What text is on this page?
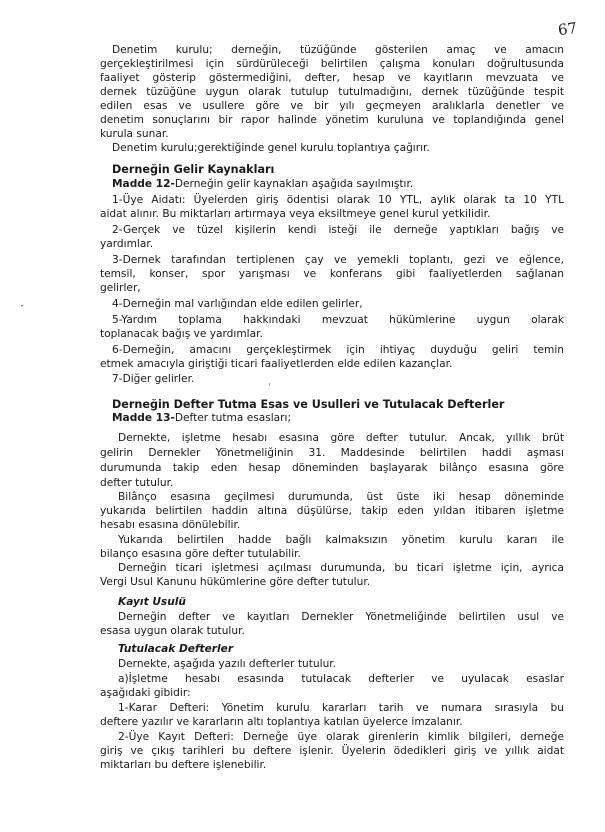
67
Denetim kurulu; derneğin, tüzüğünde gösterilen amaç ve amacın
gerçekleştirilmesi için sürdürüleceği belirtilen çalışma konuları doğrultusunda
faaliyet gösterip göstermediğini, defter, hesap ve kayıtların mevzuata ve
dernek tüzüğüne uygun olarak tutulup tutulmadığını, dernek tüzüğünde tespit
edilen esas ve usullere göre ve bir yılı geçmeyen aralıklarla denetler ve
denetim sonuçlarını bir rapor halinde yönetim kuruluna ve toplandığında genel
kurula sunar.
Denetim kurulu;gerektiğinde genel kurulu toplantıya çağırır.
Derneğin Gelir Kaynakları
Madde 12-Derneğin gelir kaynakları aşağıda sayılmıştır.
1-Üye Aidatı: Üyelerden giriş ödentisi olarak 10 YTL, aylık olarak ta 10 YTL
aidat alınır. Bu miktarları artırmaya veya eksiltmeye genel kurul yetkilidir.
2-Gerçek ve tüzel kişilerin kendi isteği ile derneğe yaptıkları bağış ve
yardımlar.
3-Dernek tarafından tertiplenen çay ve yemekli toplantı, gezi ve eğlence,
temsil, konser, spor yarışması ve konferans gibi faaliyetlerden sağlanan
gelirler,
4-Derneğin mal varlığından elde edilen gelirler,
5-Yardım toplama hakkındaki mevzuat hükümlerine uygun olarak
toplanacak bağış ve yardımlar.
6-Derneğin, amacını gerçekleştirmek için ihtiyaç duyduğu geliri temin
etmek amacıyla giriştiği ticari faaliyetlerden elde edilen kazançlar.
7-Diğer gelirler.	ˌ
ˇ
Derneğin Defter Tutma Esas ve Usulleri ve Tutulacak Defterler
Madde 13-Defter tutma esasları;
Dernekte, işletme hesabı esasına göre defter tutulur. Ancak, yıllık brüt
gelirin Dernekler Yönetmeliğinin 31. Maddesinde belirtilen haddi aşması
durumunda takip eden hesap döneminden başlayarak bilânço esasına göre
defter tutulur.
Bilânço esasına geçilmesi durumunda, üst üste iki hesap döneminde
yukarıda belirtilen haddin altına düşülürse, takip eden yıldan itibaren işletme
hesabı esasına dönülebilir.
Yukarıda belirtilen hadde bağlı kalmaksızın yönetim kurulu kararı ile
bilanço esasına göre defter tutulabilir.
Derneğin ticari işletmesi açılması durumunda, bu ticari işletme için, ayrıca
Vergi Usul Kanunu hükümlerine göre defter tutulur.
Kayıt Usulü
Derneğin defter ve kayıtları Dernekler Yönetmeliğinde belirtilen usul ve
esasa uygun olarak tutulur.
Tutulacak Defterler
Dernekte, aşağıda yazılı defterler tutulur.
a)İşletme hesabı esasında tutulacak defterler ve uyulacak esaslar
aşağıdaki gibidir:
1-Karar Defteri: Yönetim kurulu kararları tarih ve numara sırasıyla bu
deftere yazılır ve kararların altı toplantıya katılan üyelerce imzalanır.
2-Üye Kayıt Defteri: Derneğe üye olarak girenlerin kimlik bilgileri, derneğe
giriş ve çıkış tarihleri bu deftere işlenir. Üyelerin ödedikleri giriş ve yıllık aidat
miktarları bu deftere işlenebilir.
